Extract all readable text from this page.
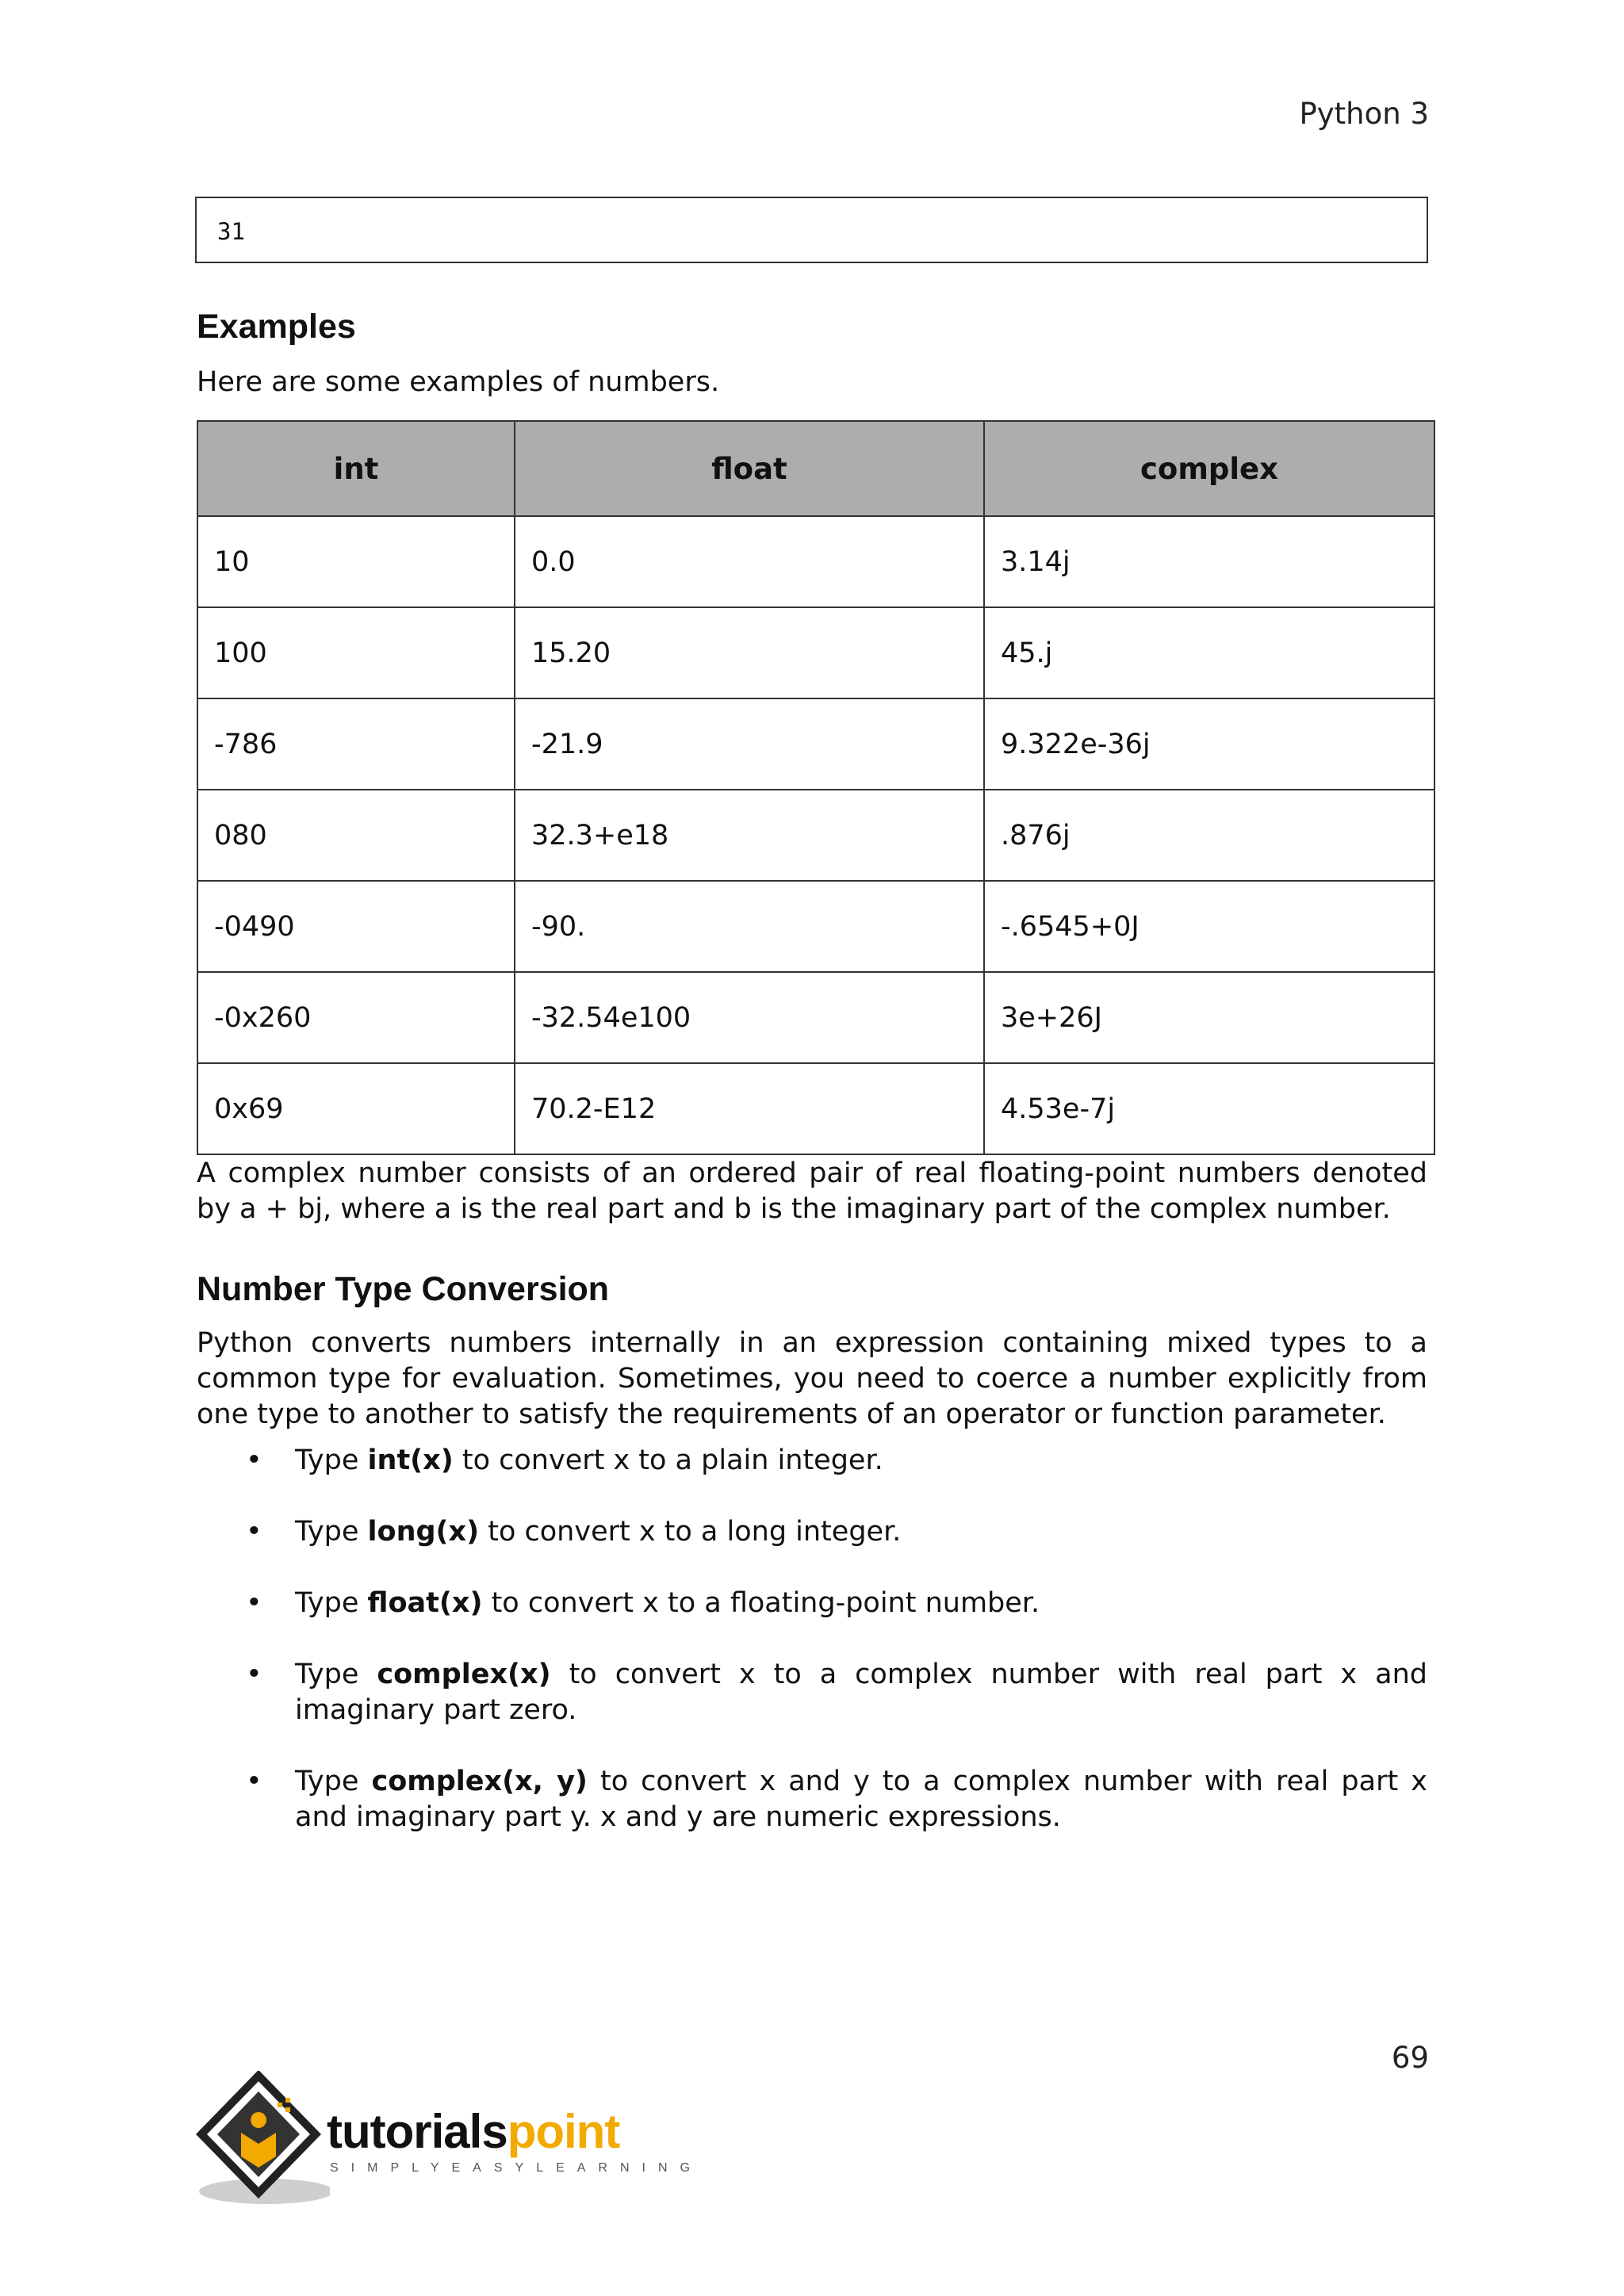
Python 3
31
Examples
Here are some examples of numbers.
int	float	complex
10	0.0	3.14j
100	15.20	45.j
-786	-21.9	9.322e-36j
080	32.3+e18	.876j
-0490	-90.	-.6545+0J
-0x260	-32.54e100	3e+26J
0x69	70.2-E12	4.53e-7j
A complex number consists of an ordered pair of real floating-point numbers denoted by a + bj, where a is the real part and b is the imaginary part of the complex number.
Number Type Conversion
Python converts numbers internally in an expression containing mixed types to a common type for evaluation. Sometimes, you need to coerce a number explicitly from one type to another to satisfy the requirements of an operator or function parameter.
• Type int(x) to convert x to a plain integer.
• Type long(x) to convert x to a long integer.
• Type float(x) to convert x to a floating-point number.
• Type complex(x) to convert x to a complex number with real part x and imaginary part zero.
• Type complex(x, y) to convert x and y to a complex number with real part x and imaginary part y. x and y are numeric expressions.
69
tutorialspoint
SIMPLYEASYLEARNING
